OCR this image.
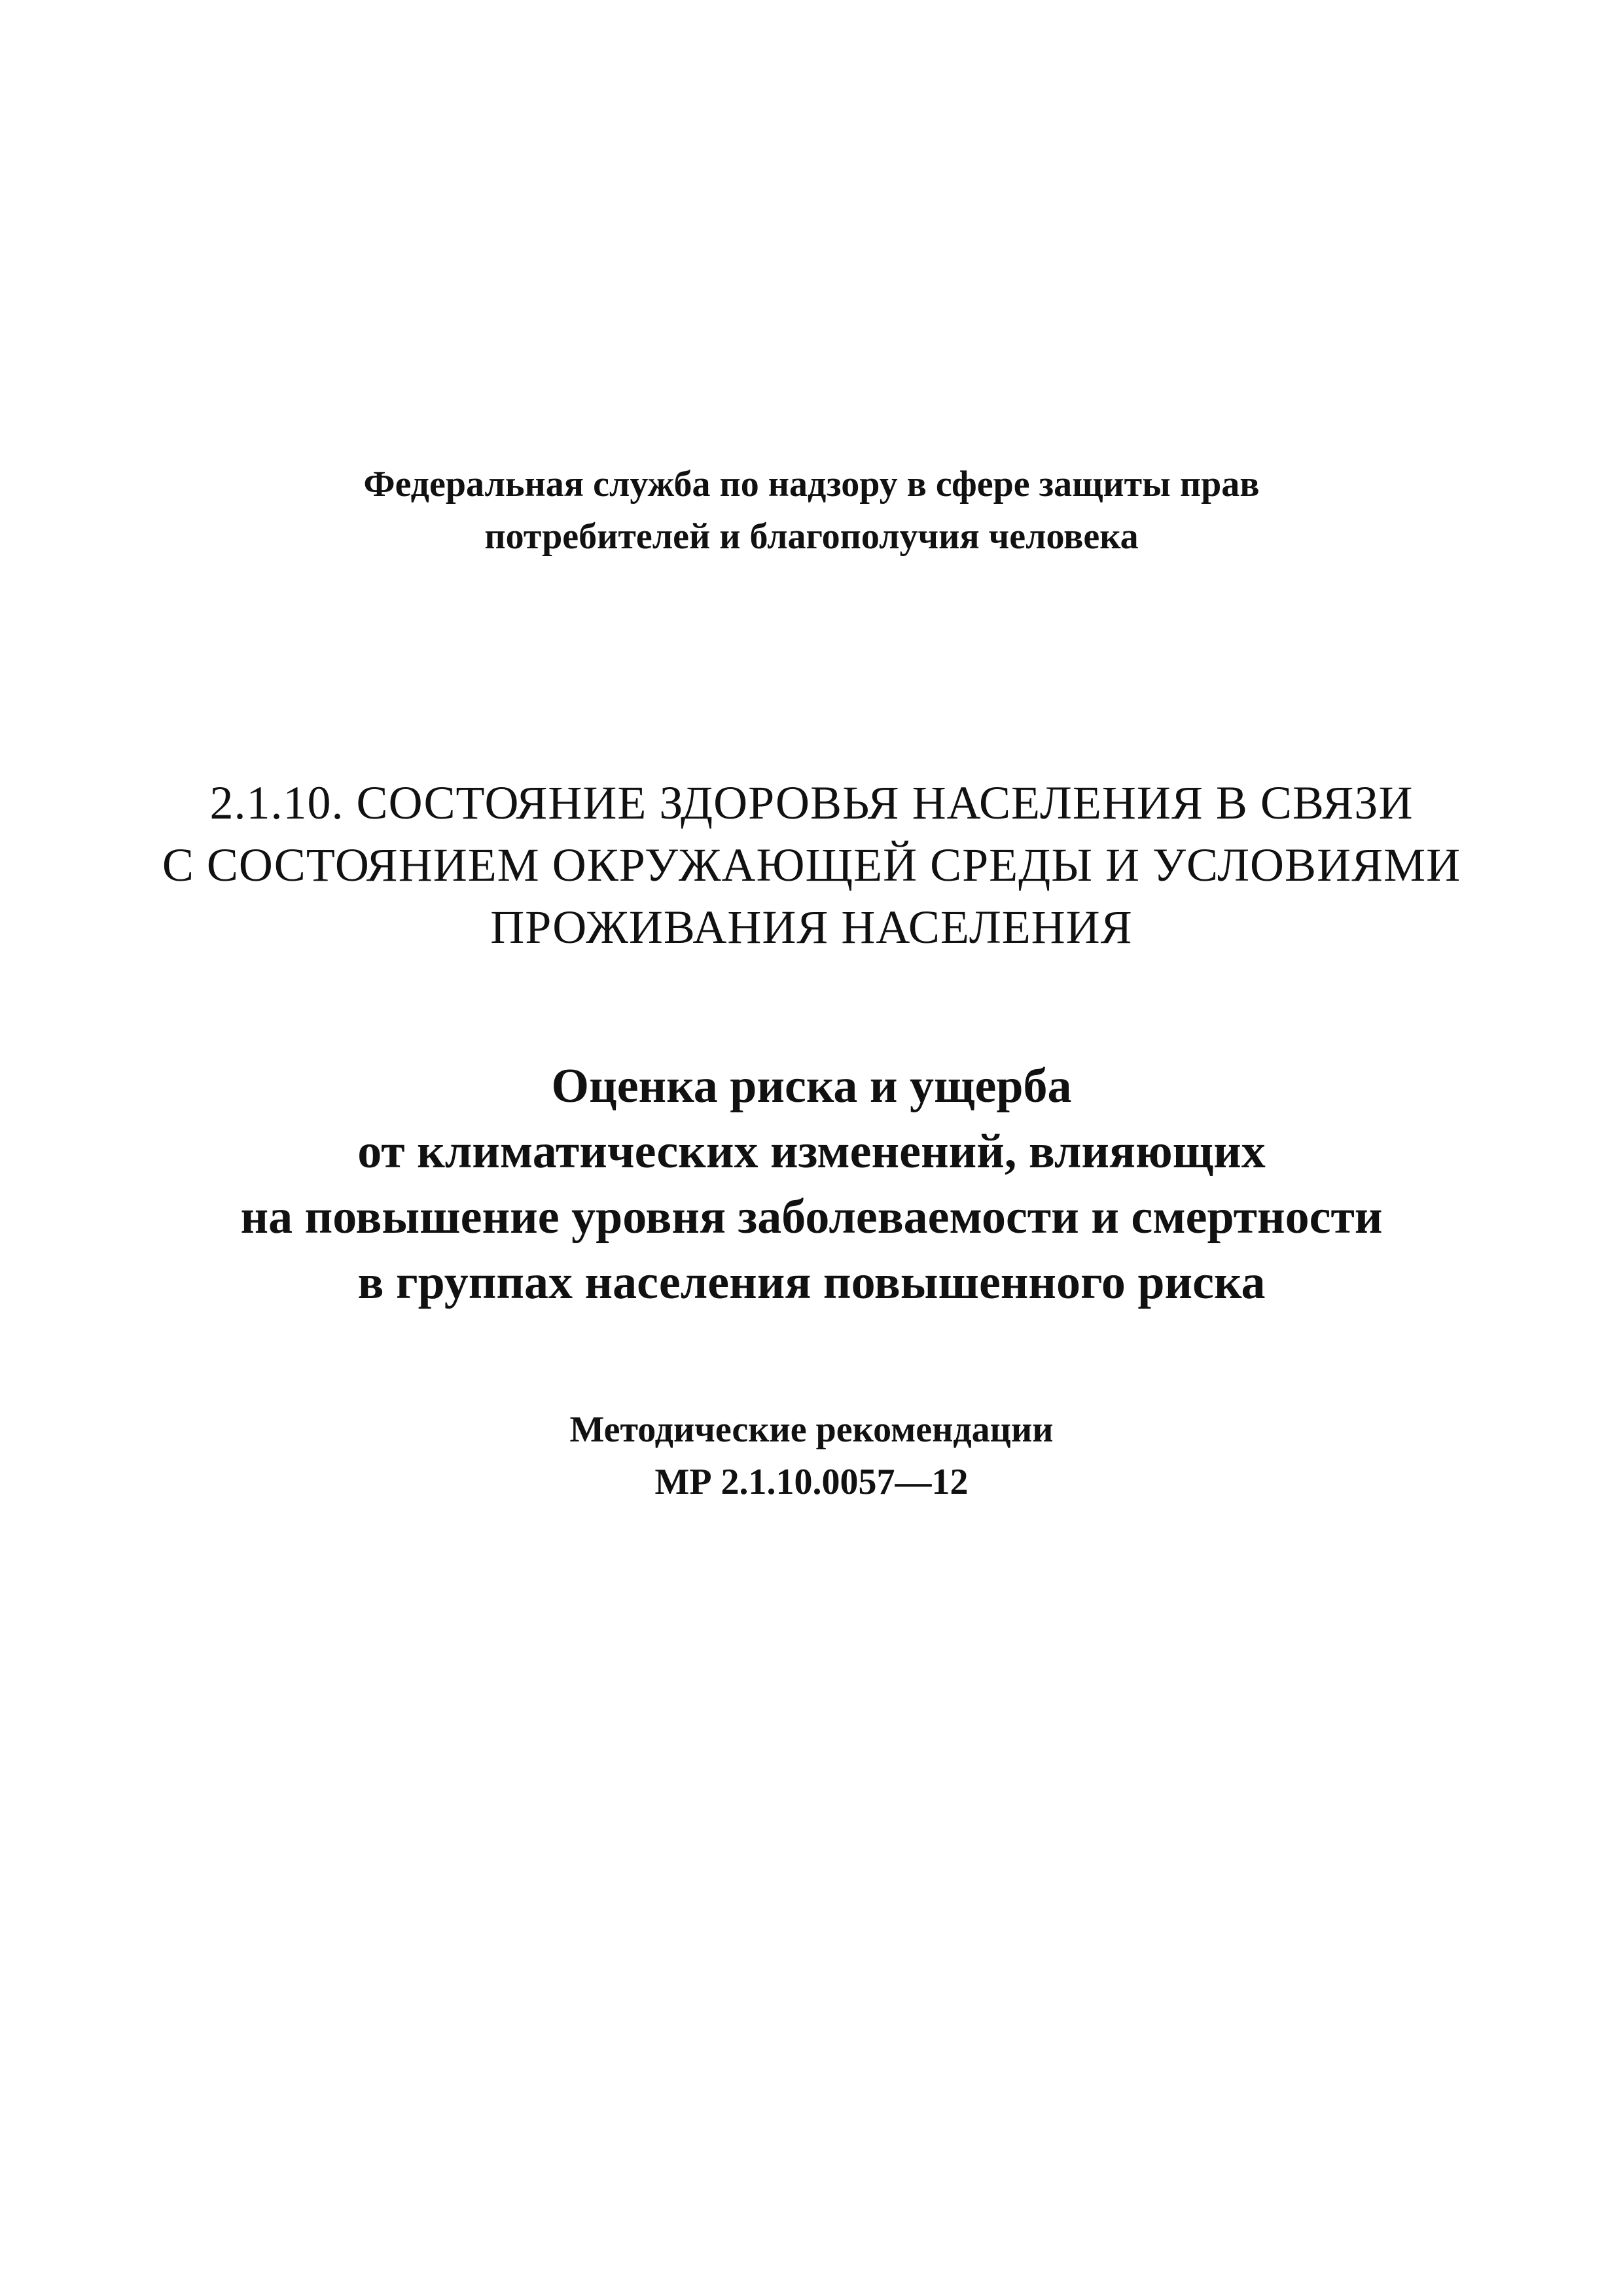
Федеральная служба по надзору в сфере защиты прав
потребителей и благополучия человека
2.1.10. СОСТОЯНИЕ ЗДОРОВЬЯ НАСЕЛЕНИЯ В СВЯЗИ
С СОСТОЯНИЕМ ОКРУЖАЮЩЕЙ СРЕДЫ И УСЛОВИЯМИ
ПРОЖИВАНИЯ НАСЕЛЕНИЯ
Оценка риска и ущерба
от климатических изменений, влияющих
на повышение уровня заболеваемости и смертности
в группах населения повышенного риска
Методические рекомендации
МР 2.1.10.0057—12
